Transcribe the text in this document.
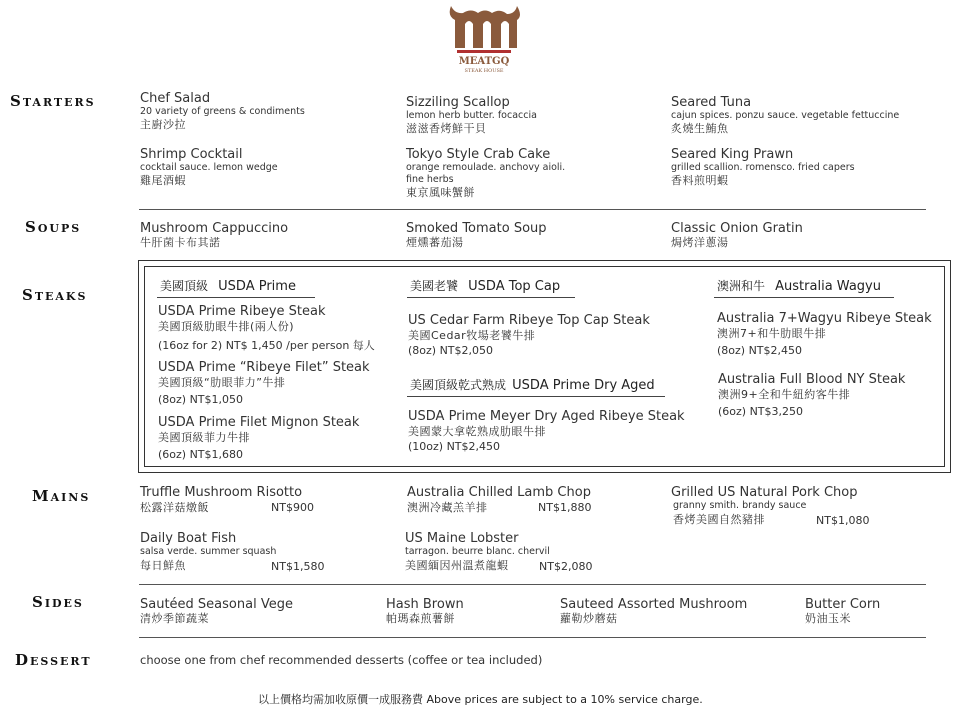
MEATGQ
STEAK HOUSE
Starters
Soups
Steaks
Mains
Sides
Dessert
Chef Salad
20 variety of greens & condiments
主廚沙拉
Sizziling Scallop
lemon herb butter. focaccia
滋滋香烤鮮干貝
Seared Tuna
cajun spices. ponzu sauce. vegetable fettuccine
炙燒生鮪魚
Shrimp Cocktail
cocktail sauce. lemon wedge
雞尾酒蝦
Tokyo Style Crab Cake
orange remoulade. anchovy aioli.
fine herbs
東京風味蟹餅
Seared King Prawn
grilled scallion. romensco. fried capers
香料煎明蝦
Mushroom Cappuccino
牛肝菌卡布其諾
Smoked Tomato Soup
煙燻蕃茄湯
Classic Onion Gratin
焗烤洋蔥湯
美國頂級 USDA Prime	美國老饕 USDA Top Cap	澳洲和牛 Australia Wagyu
美國頂級乾式熟成 USDA Prime Dry Aged
USDA Prime Ribeye Steak
美國頂級肋眼牛排(兩人份)
(16oz for 2) NT$ 1,450 /per person 每人
USDA Prime “Ribeye Filet” Steak
美國頂級“肋眼菲力”牛排
(8oz) NT$1,050
USDA Prime Filet Mignon Steak
美國頂級菲力牛排
(6oz) NT$1,680
US Cedar Farm Ribeye Top Cap Steak
美國Cedar牧場老饕牛排
(8oz) NT$2,050
USDA Prime Meyer Dry Aged Ribeye Steak
美國蒙大拿乾熟成肋眼牛排
(10oz) NT$2,450
Australia 7+Wagyu Ribeye Steak
澳洲7+和牛肋眼牛排
(8oz) NT$2,450
Australia Full Blood NY Steak
澳洲9+全和牛紐約客牛排
(6oz) NT$3,250
Truffle Mushroom Risotto
松露洋菇燉飯	NT$900
Australia Chilled Lamb Chop
澳洲冷藏羔羊排	NT$1,880
Grilled US Natural Pork Chop
granny smith. brandy sauce
香烤美國自然豬排	NT$1,080
Daily Boat Fish
salsa verde. summer squash
每日鮮魚	NT$1,580
US Maine Lobster
tarragon. beurre blanc. chervil
美國緬因州溫煮龍蝦	NT$2,080
Sautéed Seasonal Vege
清炒季節蔬菜
Hash Brown
帕瑪森煎薯餅
Sauteed Assorted Mushroom
蘿勒炒蘑菇
Butter Corn
奶油玉米
choose one from chef recommended desserts (coffee or tea included)
以上價格均需加收原價一成服務費 Above prices are subject to a 10% service charge.
